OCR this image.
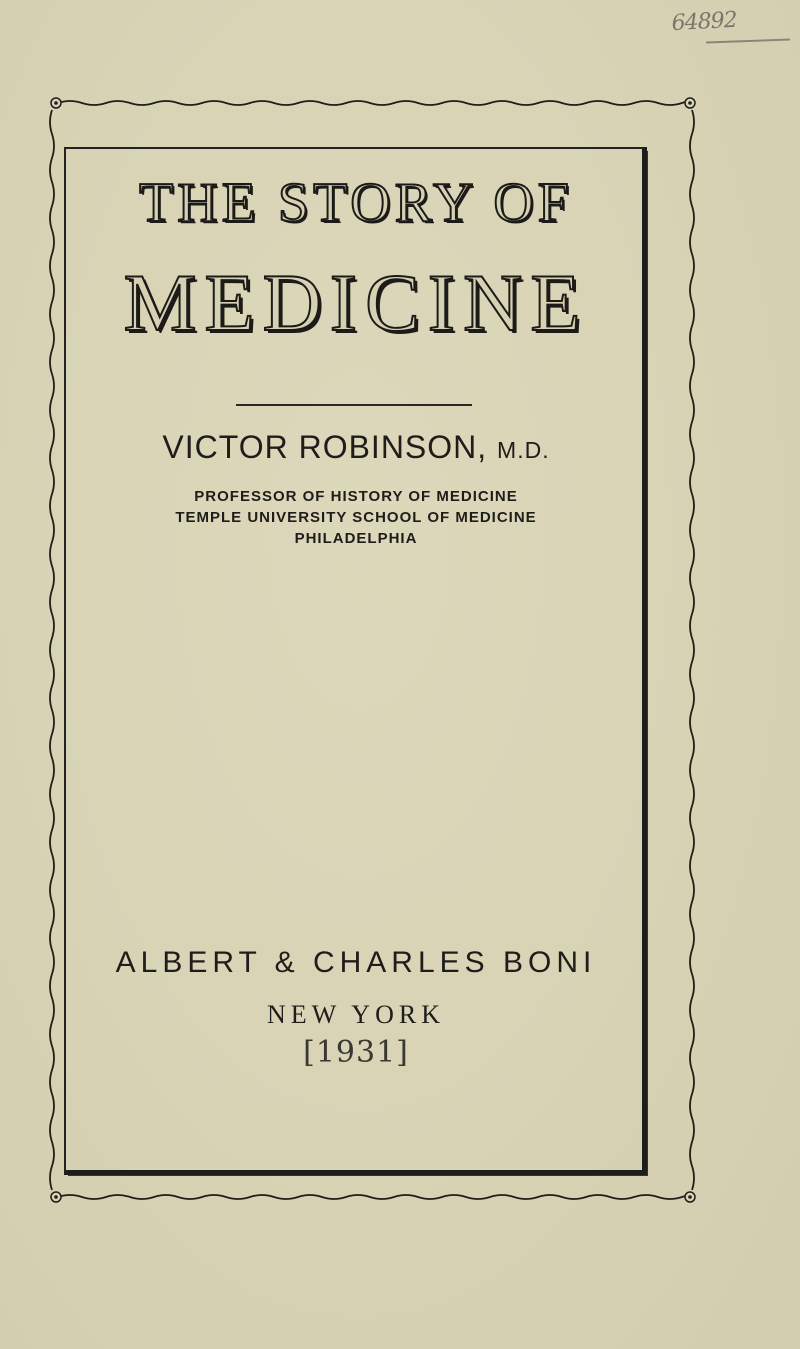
64892
THE STORY OF
MEDICINE
VICTOR ROBINSON, M.D.
PROFESSOR OF HISTORY OF MEDICINE
TEMPLE UNIVERSITY SCHOOL OF MEDICINE
PHILADELPHIA
ALBERT & CHARLES BONI
NEW YORK
[1931]
